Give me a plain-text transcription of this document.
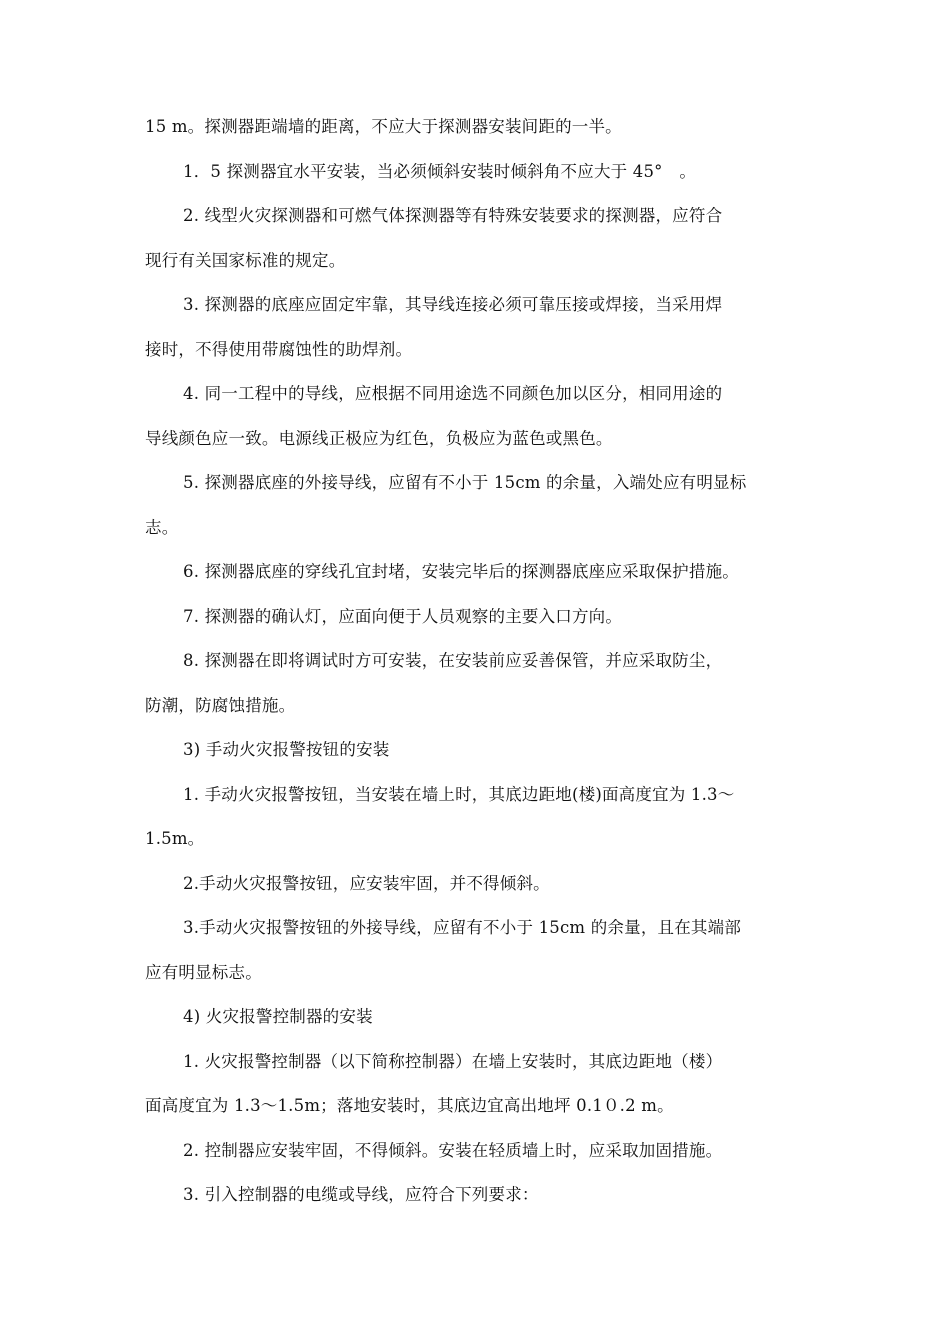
15 m。探测器距端墙的距离，不应大于探测器安装间距的一半。
1．5 探测器宜水平安装，当必须倾斜安装时倾斜角不应大于 45°　。
2. 线型火灾探测器和可燃气体探测器等有特殊安装要求的探测器，应符合
现行有关国家标准的规定。
3. 探测器的底座应固定牢靠，其导线连接必须可靠压接或焊接，当采用焊
接时，不得使用带腐蚀性的助焊剂。
4. 同一工程中的导线，应根据不同用途选不同颜色加以区分，相同用途的
导线颜色应一致。电源线正极应为红色，负极应为蓝色或黑色。
5. 探测器底座的外接导线，应留有不小于 15cm 的余量，入端处应有明显标
志。
6. 探测器底座的穿线孔宜封堵，安装完毕后的探测器底座应采取保护措施。
7. 探测器的确认灯，应面向便于人员观察的主要入口方向。
8. 探测器在即将调试时方可安装，在安装前应妥善保管，并应采取防尘，
防潮，防腐蚀措施。
3) 手动火灾报警按钮的安装
1. 手动火灾报警按钮，当安装在墙上时，其底边距地(楼)面高度宜为 1.3～
1.5m。
2.手动火灾报警按钮，应安装牢固，并不得倾斜。
3.手动火灾报警按钮的外接导线，应留有不小于 15cm 的余量，且在其端部
应有明显标志。
4) 火灾报警控制器的安装
1. 火灾报警控制器（以下简称控制器）在墙上安装时，其底边距地（楼）
面高度宜为 1.3～1.5m；落地安装时，其底边宜高出地坪 0.1０.2 m。
2. 控制器应安装牢固，不得倾斜。安装在轻质墙上时，应采取加固措施。
3. 引入控制器的电缆或导线，应符合下列要求：
